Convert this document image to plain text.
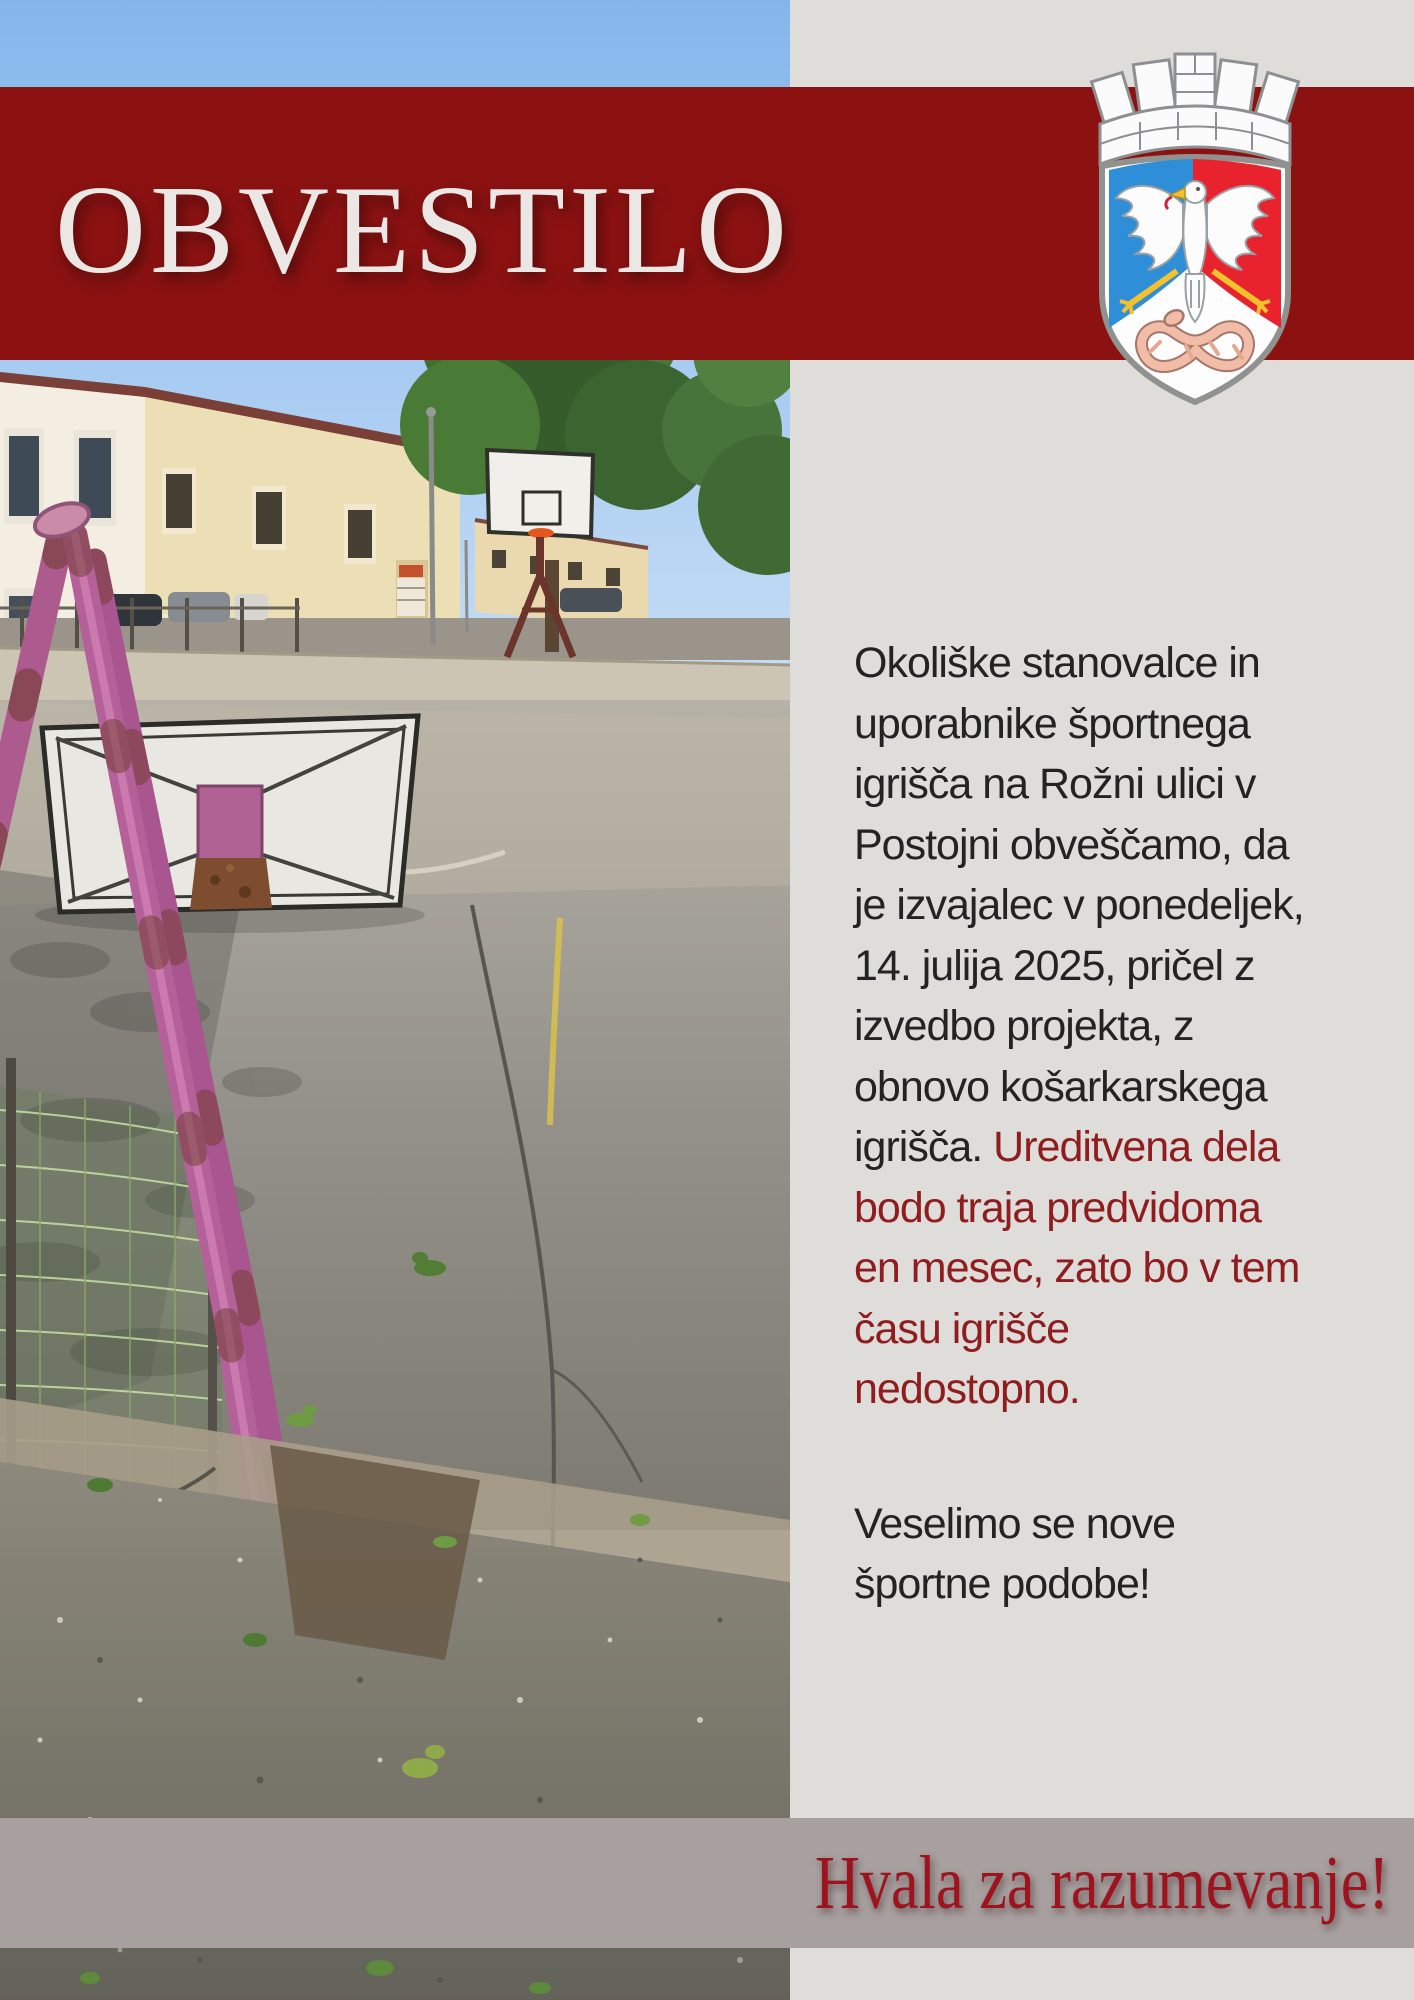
OBVESTILO
Okoliške stanovalce in
uporabnike športnega
igrišča na Rožni ulici v
Postojni obveščamo, da
je izvajalec v ponedeljek,
14. julija 2025, pričel z
izvedbo projekta, z
obnovo košarkarskega
igrišča. Ureditvena dela
bodo traja predvidoma
en mesec, zato bo v tem
času igrišče
nedostopno.
Veselimo se nove
športne podobe!
Hvala za razumevanje!
